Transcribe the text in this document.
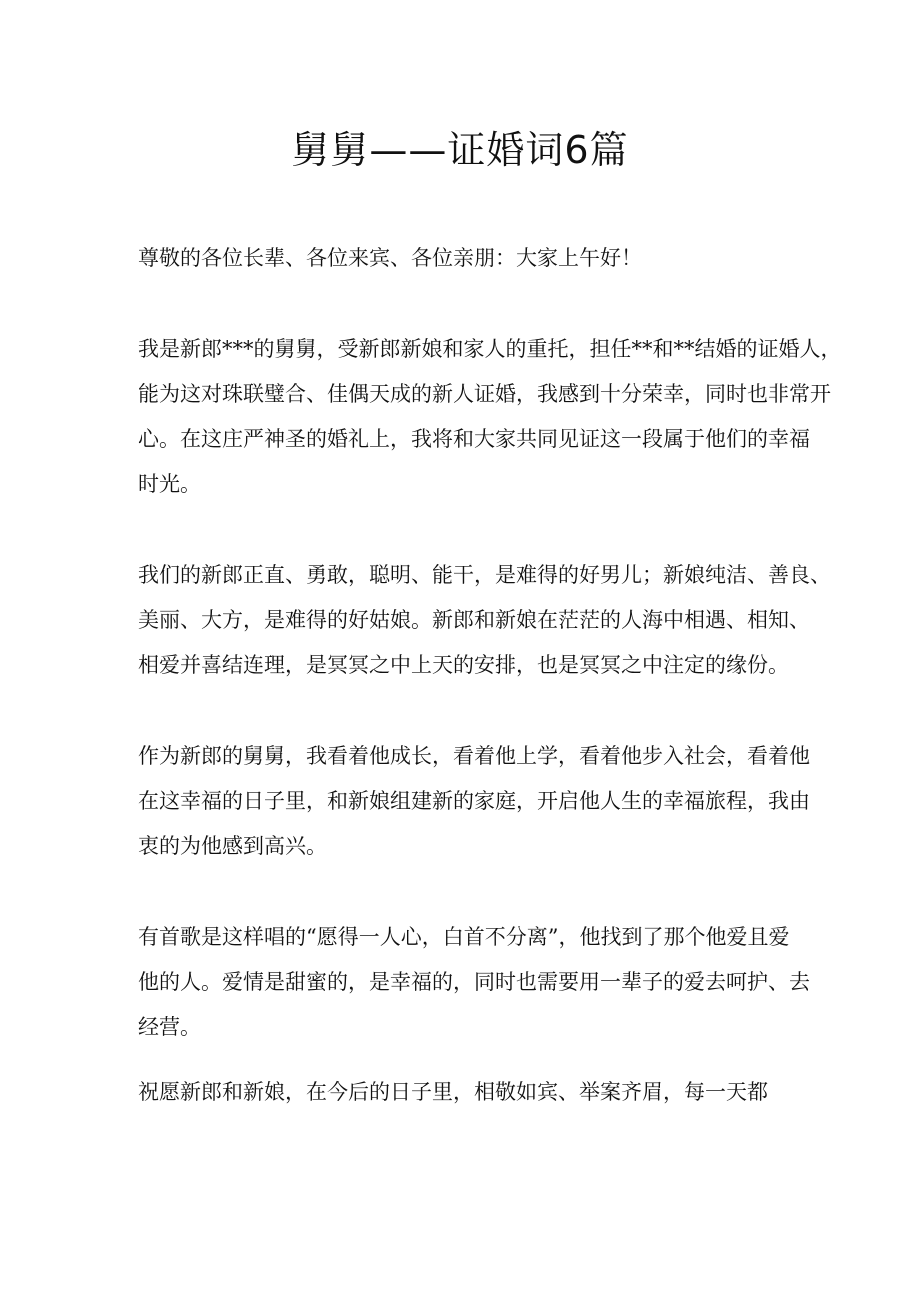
舅舅——证婚词6篇

尊敬的各位长辈、各位来宾、各位亲朋：大家上午好！

我是新郎***的舅舅，受新郎新娘和家人的重托，担任**和**结婚的证婚人，
能为这对珠联璧合、佳偶天成的新人证婚，我感到十分荣幸，同时也非常开
心。在这庄严神圣的婚礼上，我将和大家共同见证这一段属于他们的幸福
时光。

我们的新郎正直、勇敢，聪明、能干，是难得的好男儿；新娘纯洁、善良、
美丽、大方，是难得的好姑娘。新郎和新娘在茫茫的人海中相遇、相知、
相爱并喜结连理，是冥冥之中上天的安排，也是冥冥之中注定的缘份。

作为新郎的舅舅，我看着他成长，看着他上学，看着他步入社会，看着他
在这幸福的日子里，和新娘组建新的家庭，开启他人生的幸福旅程，我由
衷的为他感到高兴。

有首歌是这样唱的“愿得一人心，白首不分离”，他找到了那个他爱且爱
他的人。爱情是甜蜜的，是幸福的，同时也需要用一辈子的爱去呵护、去
经营。

祝愿新郎和新娘，在今后的日子里，相敬如宾、举案齐眉，每一天都
